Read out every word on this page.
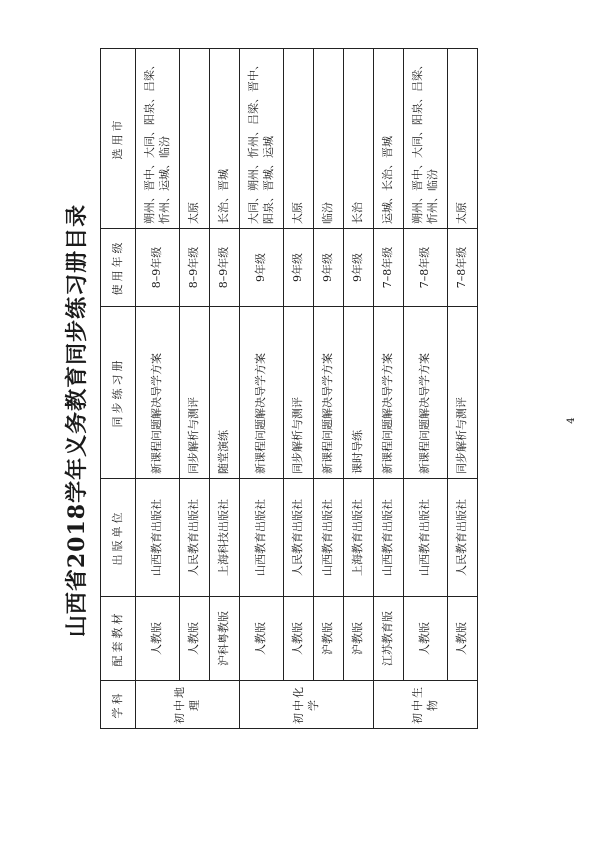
山西省2018学年义务教育同步练习册目录
学科	配套教材	出版单位	同步练习册	使用年级	选用市
初中地理	人教版	山西教育出版社	新课程问题解决导学方案	8–9年级	朔州、晋中、大同、阳泉、吕梁、忻州、运城、临汾
	人教版	人民教育出版社	同步解析与测评	8–9年级	太原
	沪科粤教版	上海科技出版社	随堂演练	8–9年级	长治、晋城
初中化学	人教版	山西教育出版社	新课程问题解决导学方案	9年级	大同、朔州、忻州、吕梁、晋中、阳泉、晋城、运城
	人教版	人民教育出版社	同步解析与测评	9年级	太原
	沪教版	山西教育出版社	新课程问题解决导学方案	9年级	临汾
	沪教版	上海教育出版社	课时导练	9年级	长治
初中生物	江苏教育版	山西教育出版社	新课程问题解决导学方案	7–8年级	运城、长治、晋城
	人教版	山西教育出版社	新课程问题解决导学方案	7–8年级	朔州、晋中、大同、阳泉、吕梁、忻州、临汾
	人教版	人民教育出版社	同步解析与测评	7–8年级	太原
4
